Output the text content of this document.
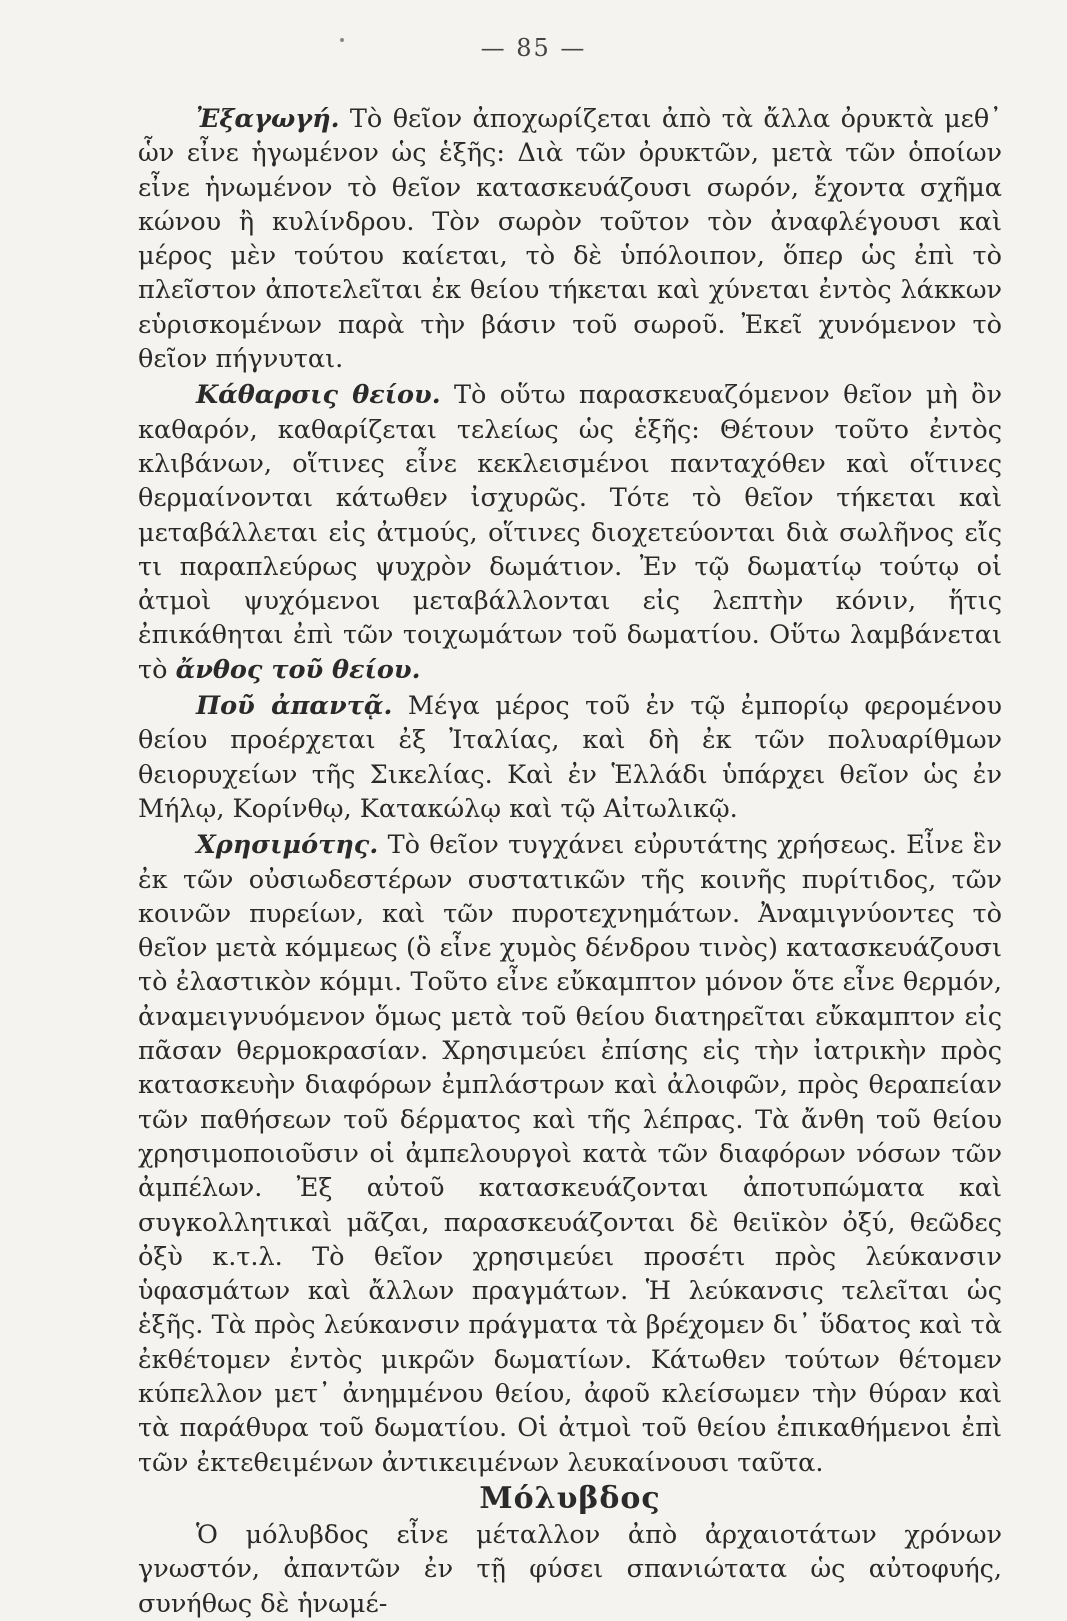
— 85 —

Ἐξαγωγή. Τὸ θεῖον ἀποχωρίζεται ἀπὸ τὰ ἄλλα ὀρυκτὰ μεθ᾽ ὧν εἶνε ἡγωμένον ὡς ἑξῆς: Διὰ τῶν ὀρυκτῶν, μετὰ τῶν ὁποίων εἶνε ἡνωμένον τὸ θεῖον κατασκευάζουσι σωρόν, ἔχοντα σχῆμα κώνου ἢ κυλίνδρου. Τὸν σωρὸν τοῦτον τὸν ἀναφλέγουσι καὶ μέρος μὲν τούτου καίεται, τὸ δὲ ὑπόλοιπον, ὅπερ ὡς ἐπὶ τὸ πλεῖστον ἀποτελεῖται ἐκ θείου τήκεται καὶ χύνεται ἐντὸς λάκκων εὑρισκομένων παρὰ τὴν βάσιν τοῦ σωροῦ. Ἐκεῖ χυνόμενον τὸ θεῖον πήγνυται.

Κάθαρσις θείου. Τὸ οὕτω παρασκευαζόμενον θεῖον μὴ ὂν καθαρόν, καθαρίζεται τελείως ὡς ἑξῆς: Θέτουν τοῦτο ἐντὸς κλιβάνων, οἵτινες εἶνε κεκλεισμένοι πανταχόθεν καὶ οἵτινες θερμαίνονται κάτωθεν ἰσχυρῶς. Τότε τὸ θεῖον τήκεται καὶ μεταβάλλεται εἰς ἀτμούς, οἵτινες διοχετεύονται διὰ σωλῆνος εἴς τι παραπλεύρως ψυχρὸν δωμάτιον. Ἐν τῷ δωματίῳ τούτῳ οἱ ἀτμοὶ ψυχόμενοι μεταβάλλονται εἰς λεπτὴν κόνιν, ἥτις ἐπικάθηται ἐπὶ τῶν τοιχωμάτων τοῦ δωματίου. Οὕτω λαμβάνεται τὸ ἄνθος τοῦ θείου.

Ποῦ ἀπαντᾷ. Μέγα μέρος τοῦ ἐν τῷ ἐμπορίῳ φερομένου θείου προέρχεται ἐξ Ἰταλίας, καὶ δὴ ἐκ τῶν πολυαρίθμων θειορυχείων τῆς Σικελίας. Καὶ ἐν Ἑλλάδι ὑπάρχει θεῖον ὡς ἐν Μήλῳ, Κορίνθῳ, Κατακώλῳ καὶ τῷ Αἰτωλικῷ.

Χρησιμότης. Τὸ θεῖον τυγχάνει εὐρυτάτης χρήσεως. Εἶνε ἓν ἐκ τῶν οὐσιωδεστέρων συστατικῶν τῆς κοινῆς πυρίτιδος, τῶν κοινῶν πυρείων, καὶ τῶν πυροτεχνημάτων. Ἀναμιγνύοντες τὸ θεῖον μετὰ κόμμεως (ὃ εἶνε χυμὸς δένδρου τινὸς) κατασκευάζουσι τὸ ἐλαστικὸν κόμμι. Τοῦτο εἶνε εὔκαμπτον μόνον ὅτε εἶνε θερμόν, ἀναμειγνυόμενον ὅμως μετὰ τοῦ θείου διατηρεῖται εὔκαμπτον εἰς πᾶσαν θερμοκρασίαν. Χρησιμεύει ἐπίσης εἰς τὴν ἰατρικὴν πρὸς κατασκευὴν διαφόρων ἐμπλάστρων καὶ ἀλοιφῶν, πρὸς θεραπείαν τῶν παθήσεων τοῦ δέρματος καὶ τῆς λέπρας. Τὰ ἄνθη τοῦ θείου χρησιμοποιοῦσιν οἱ ἀμπελουργοὶ κατὰ τῶν διαφόρων νόσων τῶν ἀμπέλων. Ἐξ αὐτοῦ κατασκευάζονται ἀποτυπώματα καὶ συγκολλητικαὶ μᾶζαι, παρασκευάζονται δὲ θειϊκὸν ὀξύ, θεῶδες ὀξὺ κ.τ.λ. Τὸ θεῖον χρησιμεύει προσέτι πρὸς λεύκανσιν ὑφασμάτων καὶ ἄλλων πραγμάτων. Ἡ λεύκανσις τελεῖται ὡς ἑξῆς. Τὰ πρὸς λεύκανσιν πράγματα τὰ βρέχομεν δι᾽ ὕδατος καὶ τὰ ἐκθέτομεν ἐντὸς μικρῶν δωματίων. Κάτωθεν τούτων θέτομεν κύπελλον μετ᾽ ἀνημμένου θείου, ἀφοῦ κλείσωμεν τὴν θύραν καὶ τὰ παράθυρα τοῦ δωματίου. Οἱ ἀτμοὶ τοῦ θείου ἐπικαθήμενοι ἐπὶ τῶν ἐκτεθειμένων ἀντικειμένων λευκαίνουσι ταῦτα.

Μόλυβδος

Ὁ μόλυβδος εἶνε μέταλλον ἀπὸ ἀρχαιοτάτων χρόνων γνωστόν, ἀπαντῶν ἐν τῇ φύσει σπανιώτατα ὡς αὐτοφυής, συνήθως δὲ ἡνωμέ-
